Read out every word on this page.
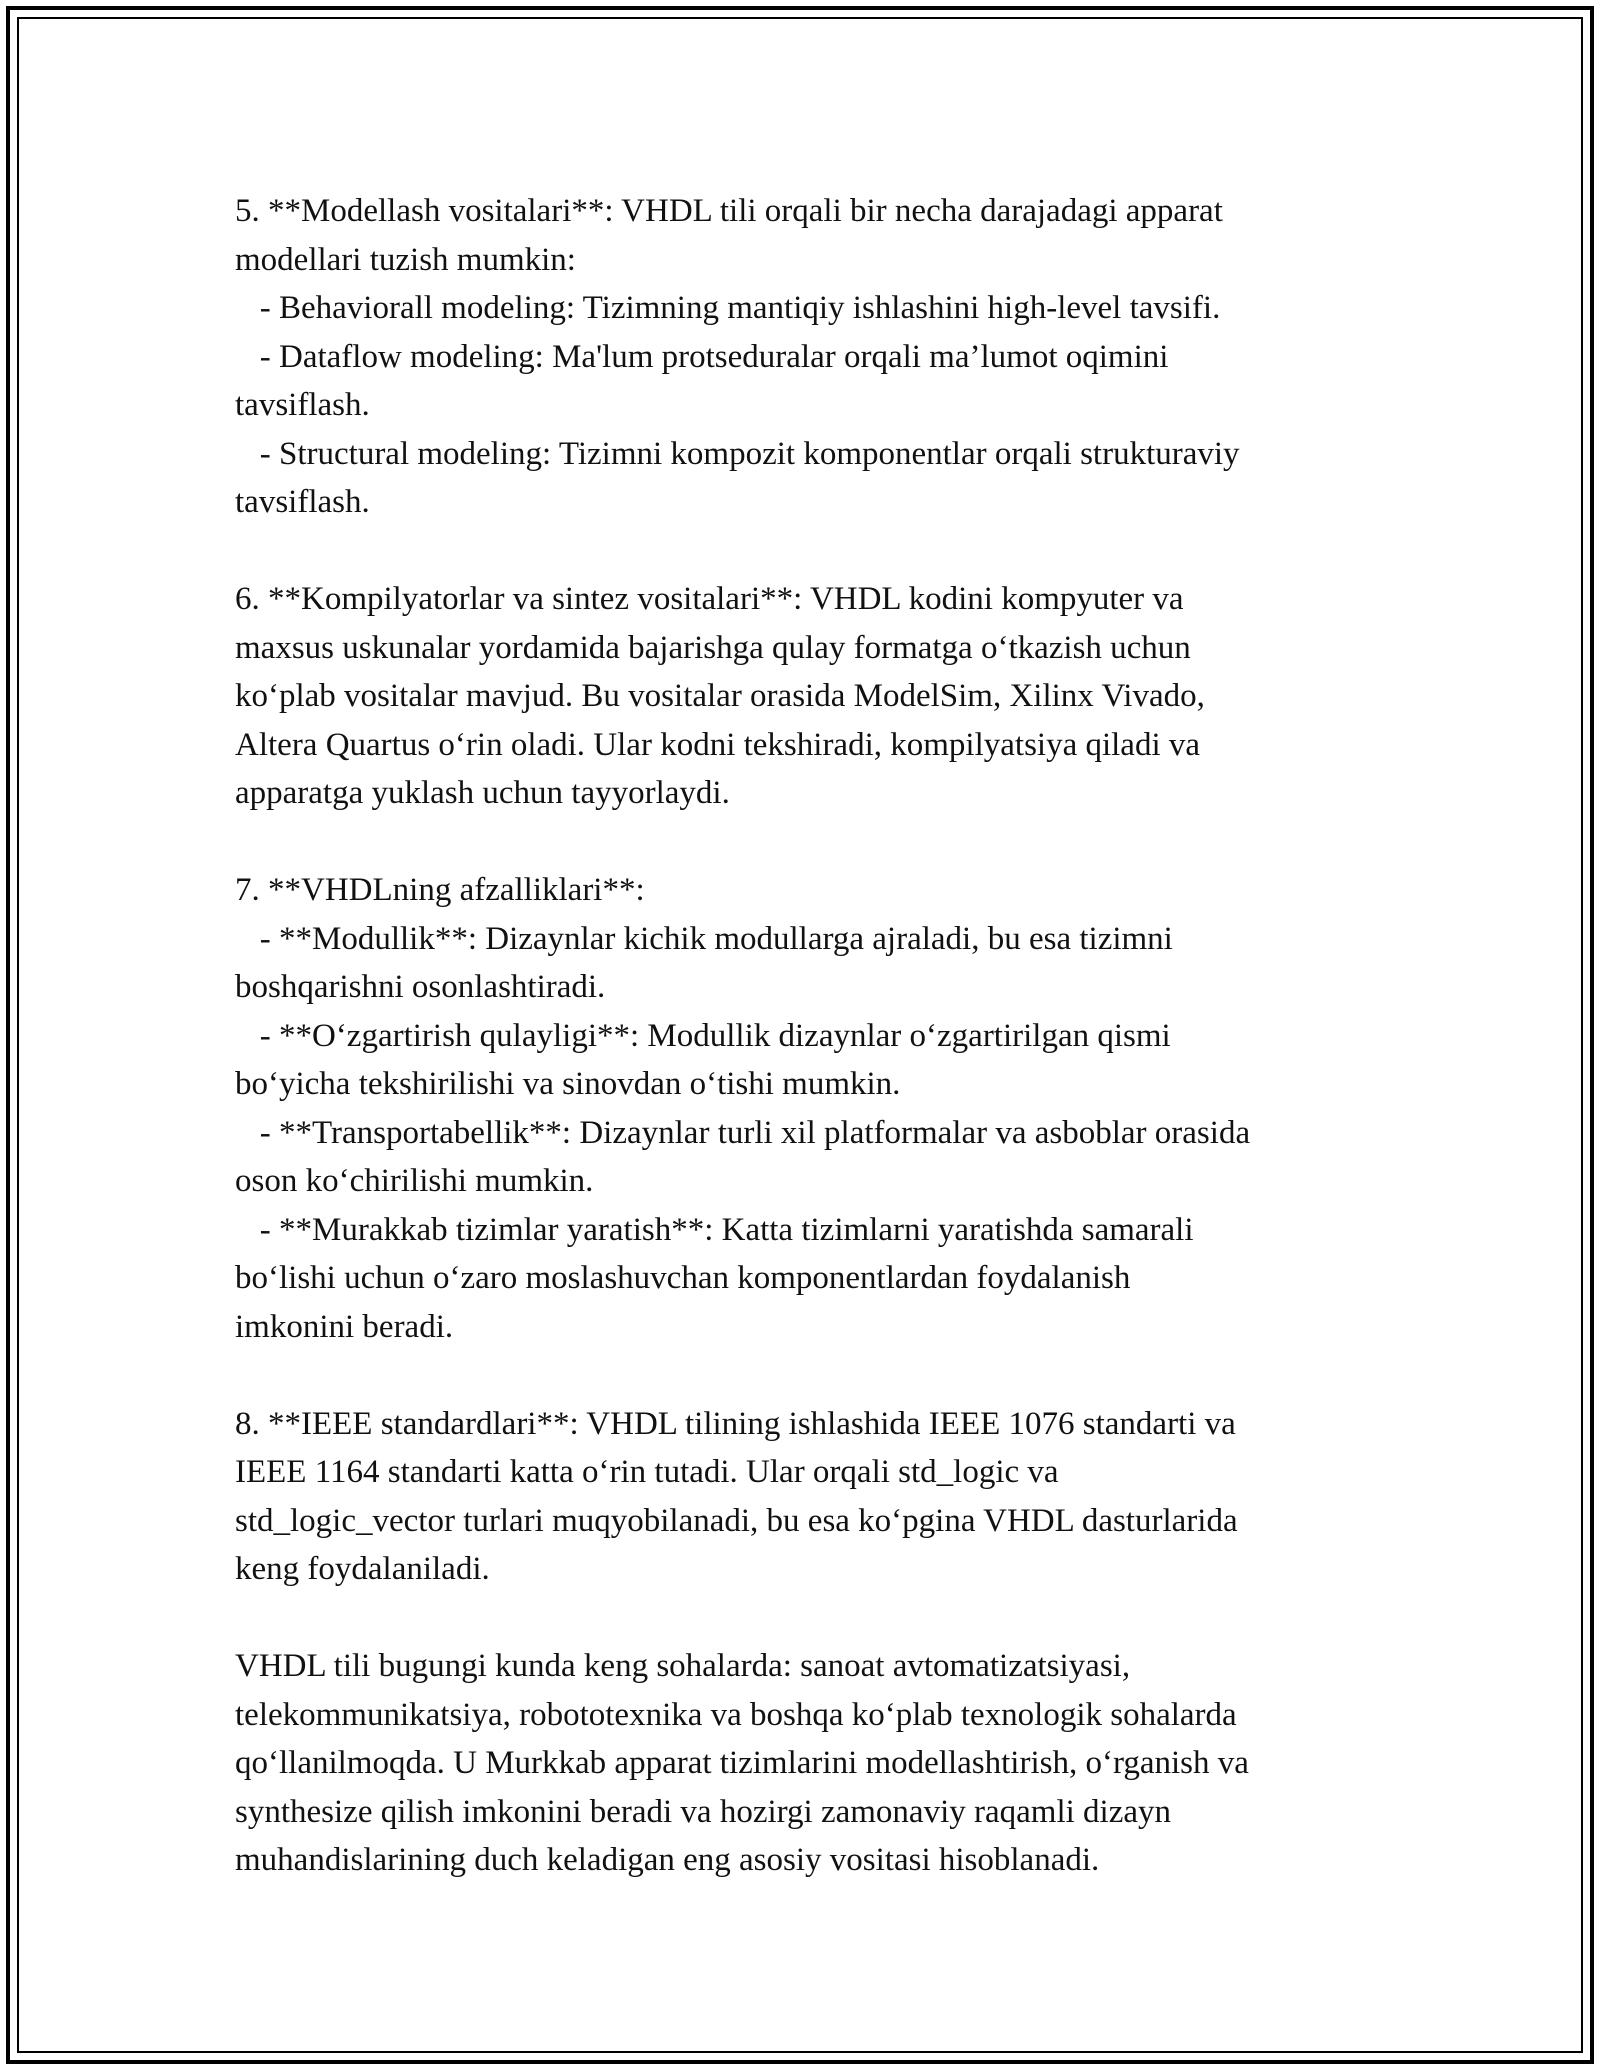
5. **Modellash vositalari**: VHDL tili orqali bir necha darajadagi apparat

modellari tuzish mumkin:

- Behaviorall modeling: Tizimning mantiqiy ishlashini high-level tavsifi.

- Dataflow modeling: Ma'lum protseduralar orqali ma’lumot oqimini

tavsiflash.

- Structural modeling: Tizimni kompozit komponentlar orqali strukturaviy

tavsiflash.

6. **Kompilyatorlar va sintez vositalari**: VHDL kodini kompyuter va

maxsus uskunalar yordamida bajarishga qulay formatga o‘tkazish uchun

ko‘plab vositalar mavjud. Bu vositalar orasida ModelSim, Xilinx Vivado,

Altera Quartus o‘rin oladi. Ular kodni tekshiradi, kompilyatsiya qiladi va

apparatga yuklash uchun tayyorlaydi.

7. **VHDLning afzalliklari**:

- **Modullik**: Dizaynlar kichik modullarga ajraladi, bu esa tizimni

boshqarishni osonlashtiradi.

- **O‘zgartirish qulayligi**: Modullik dizaynlar o‘zgartirilgan qismi

bo‘yicha tekshirilishi va sinovdan o‘tishi mumkin.

- **Transportabellik**: Dizaynlar turli xil platformalar va asboblar orasida

oson ko‘chirilishi mumkin.

- **Murakkab tizimlar yaratish**: Katta tizimlarni yaratishda samarali

bo‘lishi uchun o‘zaro moslashuvchan komponentlardan foydalanish

imkonini beradi.

8. **IEEE standardlari**: VHDL tilining ishlashida IEEE 1076 standarti va

IEEE 1164 standarti katta o‘rin tutadi. Ular orqali std_logic va

std_logic_vector turlari muqyobilanadi, bu esa ko‘pgina VHDL dasturlarida

keng foydalaniladi.

VHDL tili bugungi kunda keng sohalarda: sanoat avtomatizatsiyasi,

telekommunikatsiya, robototexnika va boshqa ko‘plab texnologik sohalarda

qo‘llanilmoqda. U Murkkab apparat tizimlarini modellashtirish, o‘rganish va

synthesize qilish imkonini beradi va hozirgi zamonaviy raqamli dizayn

muhandislarining duch keladigan eng asosiy vositasi hisoblanadi.
